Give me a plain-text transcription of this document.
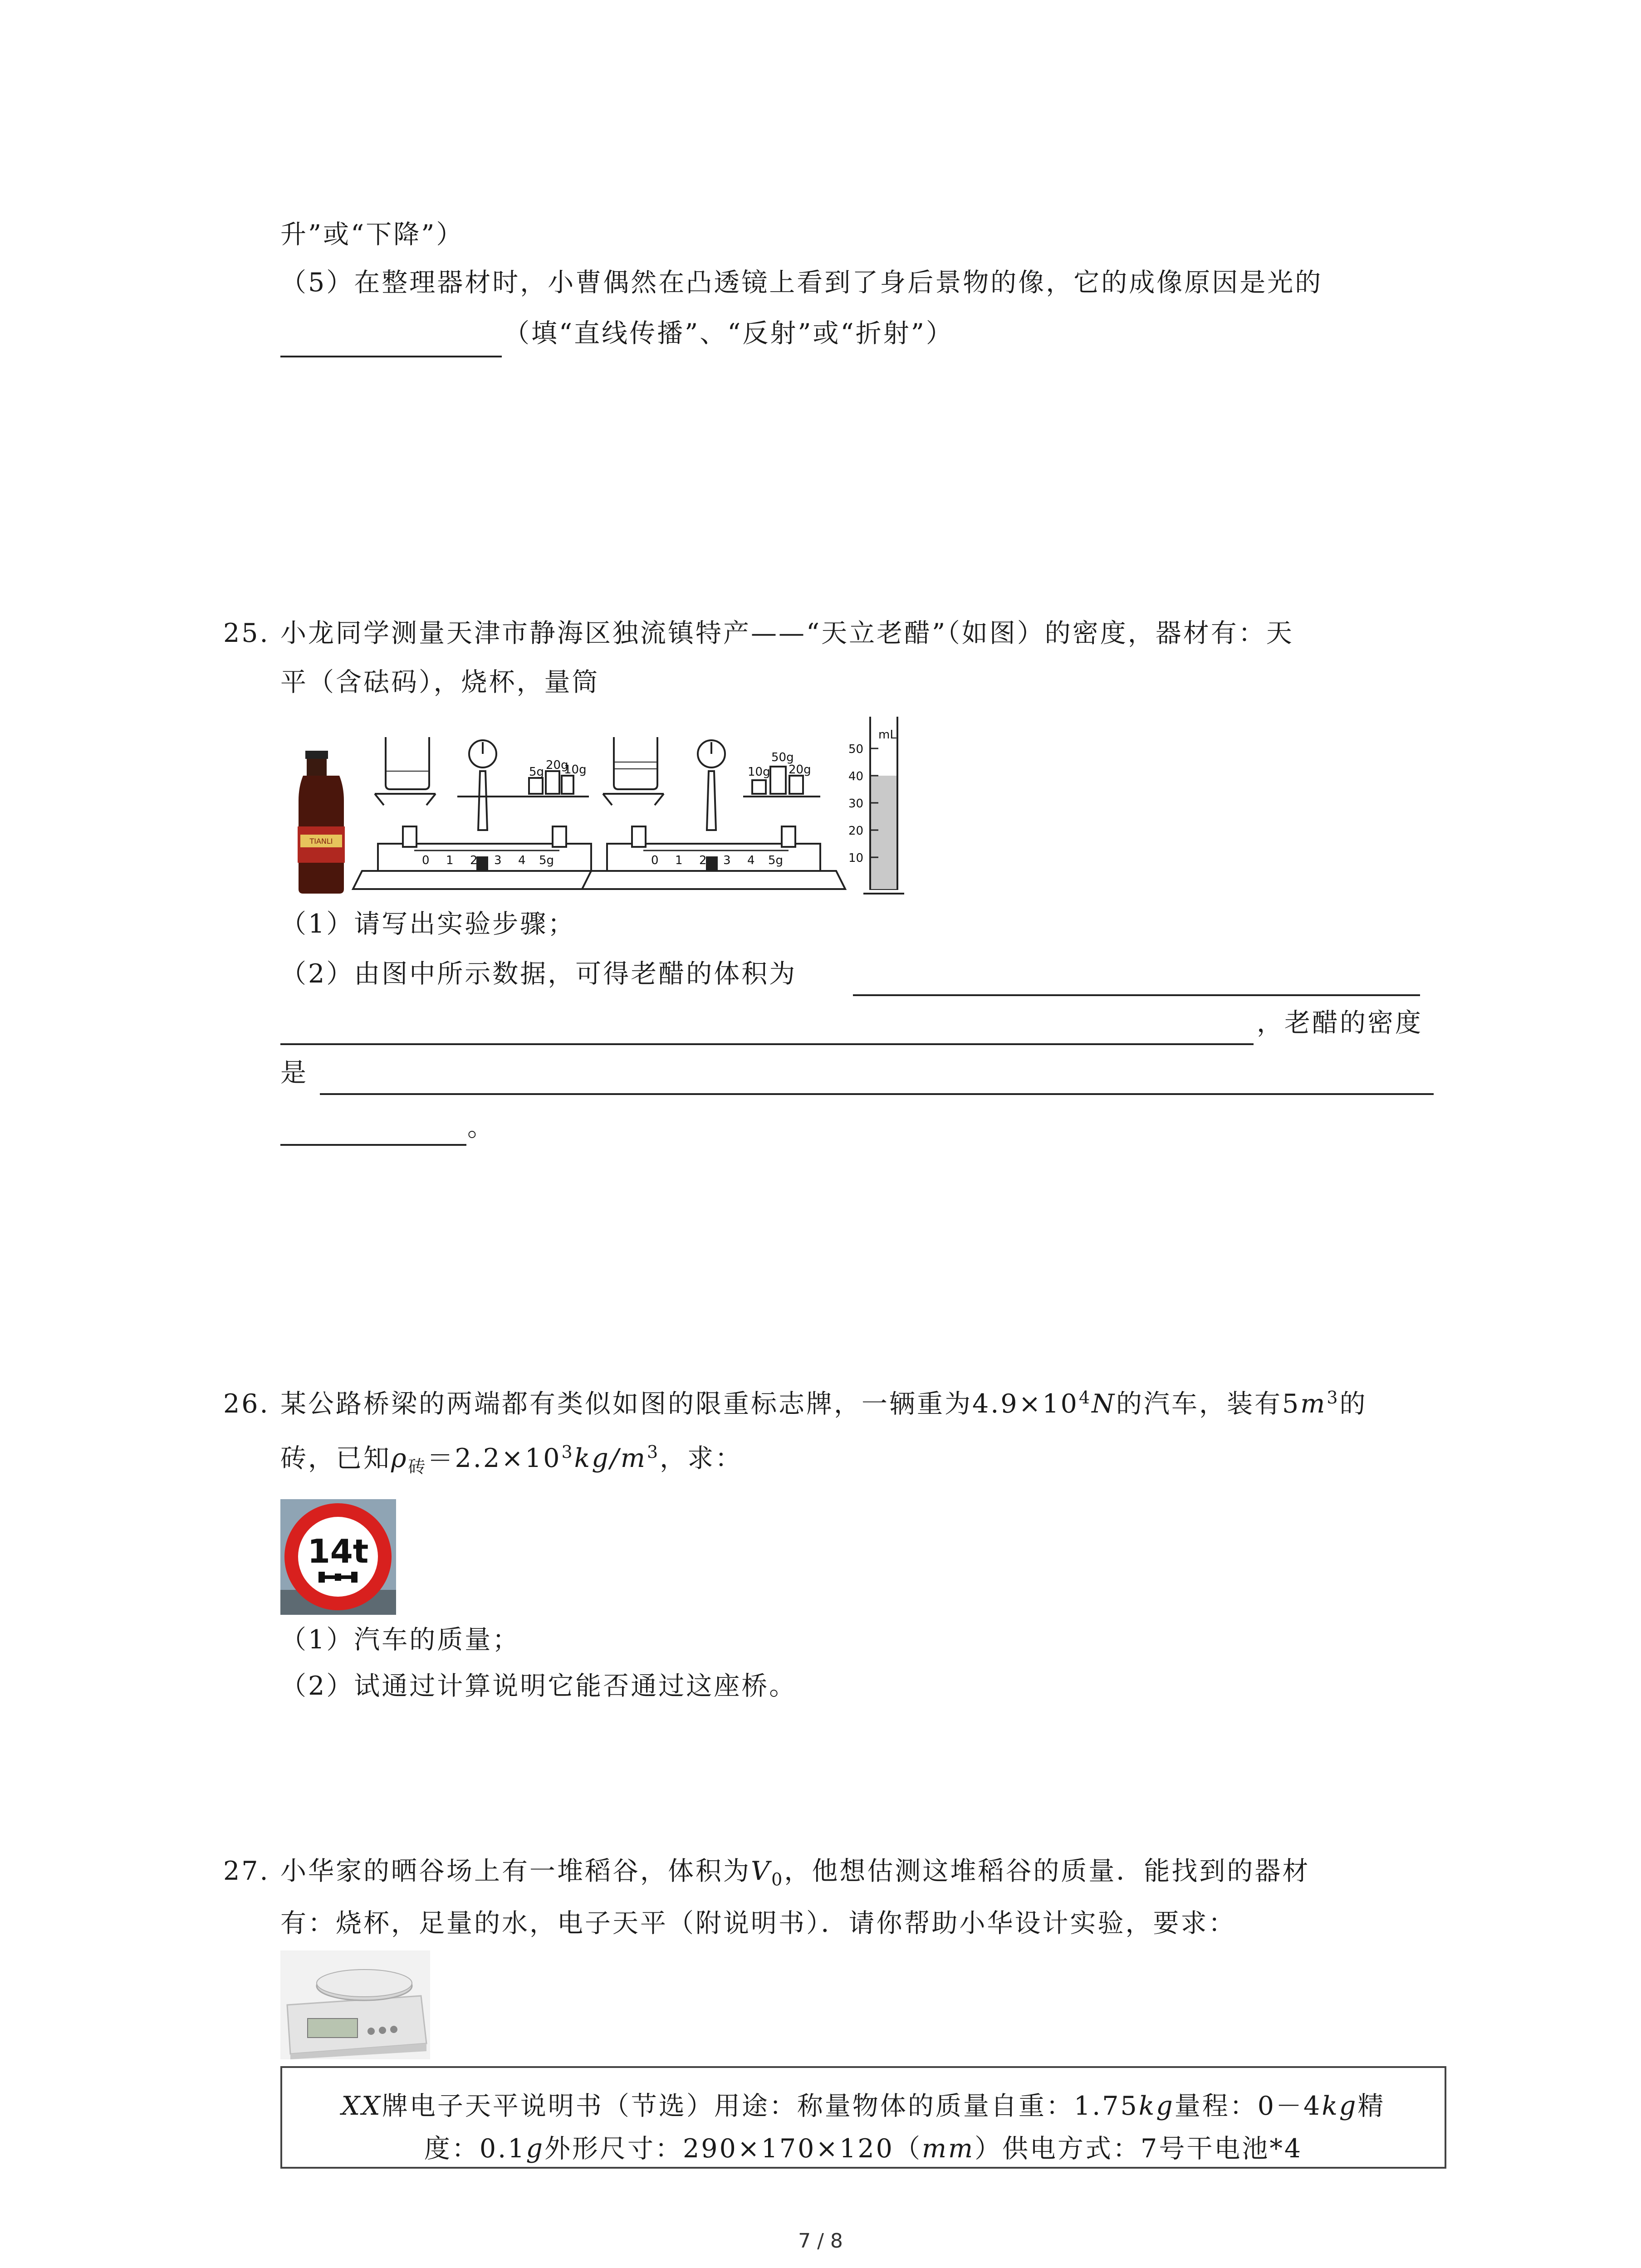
升”或“下降”）
（5）在整理器材时，小曹偶然在凸透镜上看到了身后景物的像，它的成像原因是光的
（填“直线传播”、“反射”或“折射”）
25. 小龙同学测量天津市静海区独流镇特产——“天立老醋”（如图）的密度，器材有：天
平（含砝码），烧杯，量筒
TIANLI
5g 20g
10g
0 1 2 3 4 5g
50g
10g 20g
0 1 2 3 4 5g
mL
50
40
30
20
10
（1）请写出实验步骤；
（2）由图中所示数据，可得老醋的体积为
，老醋的密度
是
。
26. 某公路桥梁的两端都有类似如图的限重标志牌，一辆重为$4.9\times 10^4N$的汽车，装有$5m^3$的
砖，已知$\rho_砖=2.2\times 10^3kg/m^3$，求：
14t
（1）汽车的质量；
（2）试通过计算说明它能否通过这座桥。
27. 小华家的晒谷场上有一堆稻谷，体积为$V_0$，他想估测这堆稻谷的质量．能找到的器材
有：烧杯，足量的水，电子天平（附说明书）．请你帮助小华设计实验，要求：
XX牌电子天平说明书（节选）用途：称量物体的质量自重：1.75kg量程：0－4kg精
度：0.1g外形尺寸：290×170×120（mm）供电方式：7号干电池*4
7 / 8
